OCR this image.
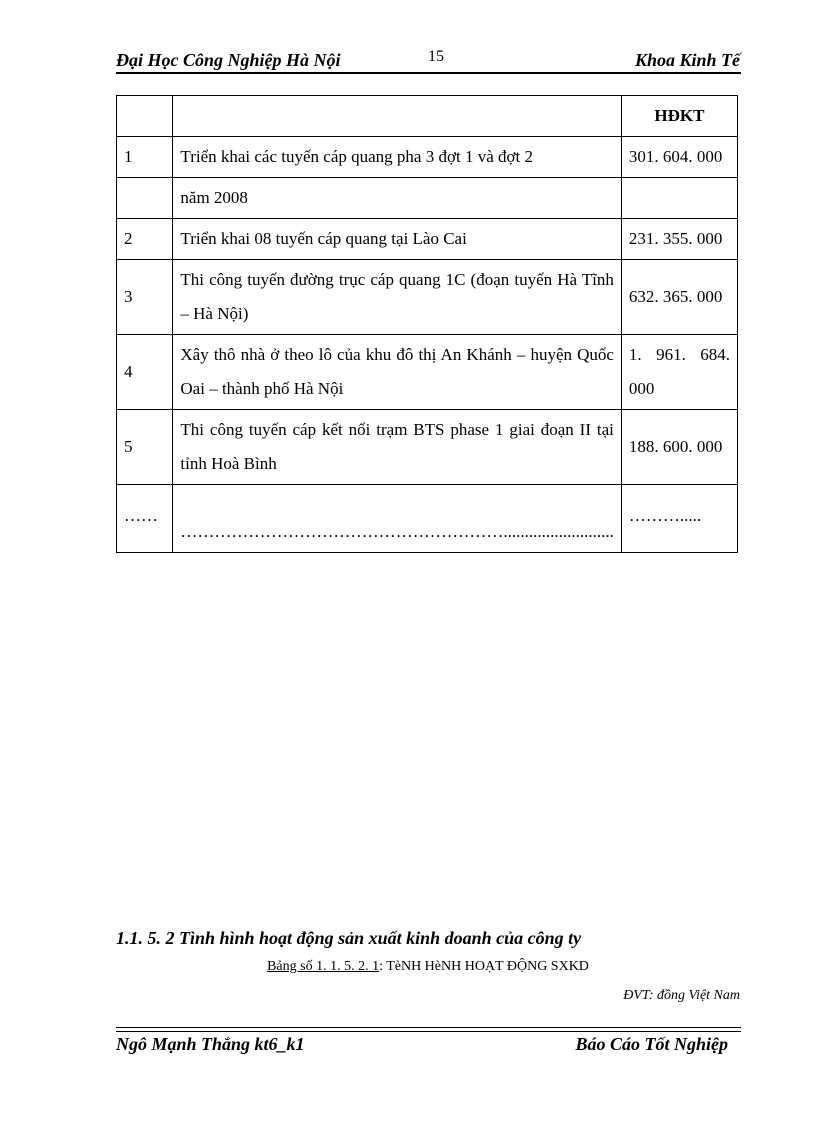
Đại Học Công Nghiệp Hà Nội	15	Khoa Kinh Tế
		HĐKT
1	Triển khai các tuyến cáp quang pha 3 đợt 1 và đợt 2	301. 604. 000
	năm 2008	
2	Triển khai 08 tuyến cáp quang tại Lào Cai	231. 355. 000
3	Thi công tuyến đường trục cáp quang 1C (đoạn tuyến Hà Tĩnh – Hà Nội)	632. 365. 000
4	Xây thô nhà ở theo lô của khu đô thị An Khánh – huyện Quốc Oai – thành phố Hà Nội	1. 961. 684. 000
5	Thi công tuyến cáp kết nối trạm BTS phase 1 giai đoạn II tại tỉnh Hoà Bình	188. 600. 000
……	…………………………………………………..........................	……….....
1.1. 5. 2 Tình hình hoạt động sản xuất kinh doanh của công ty
Bảng số 1. 1. 5. 2. 1: TèNH HèNH HOẠT ĐỘNG SXKD
ĐVT: đồng Việt Nam
Ngô Mạnh Thắng kt6_k1	Báo Cáo Tốt Nghiệp
